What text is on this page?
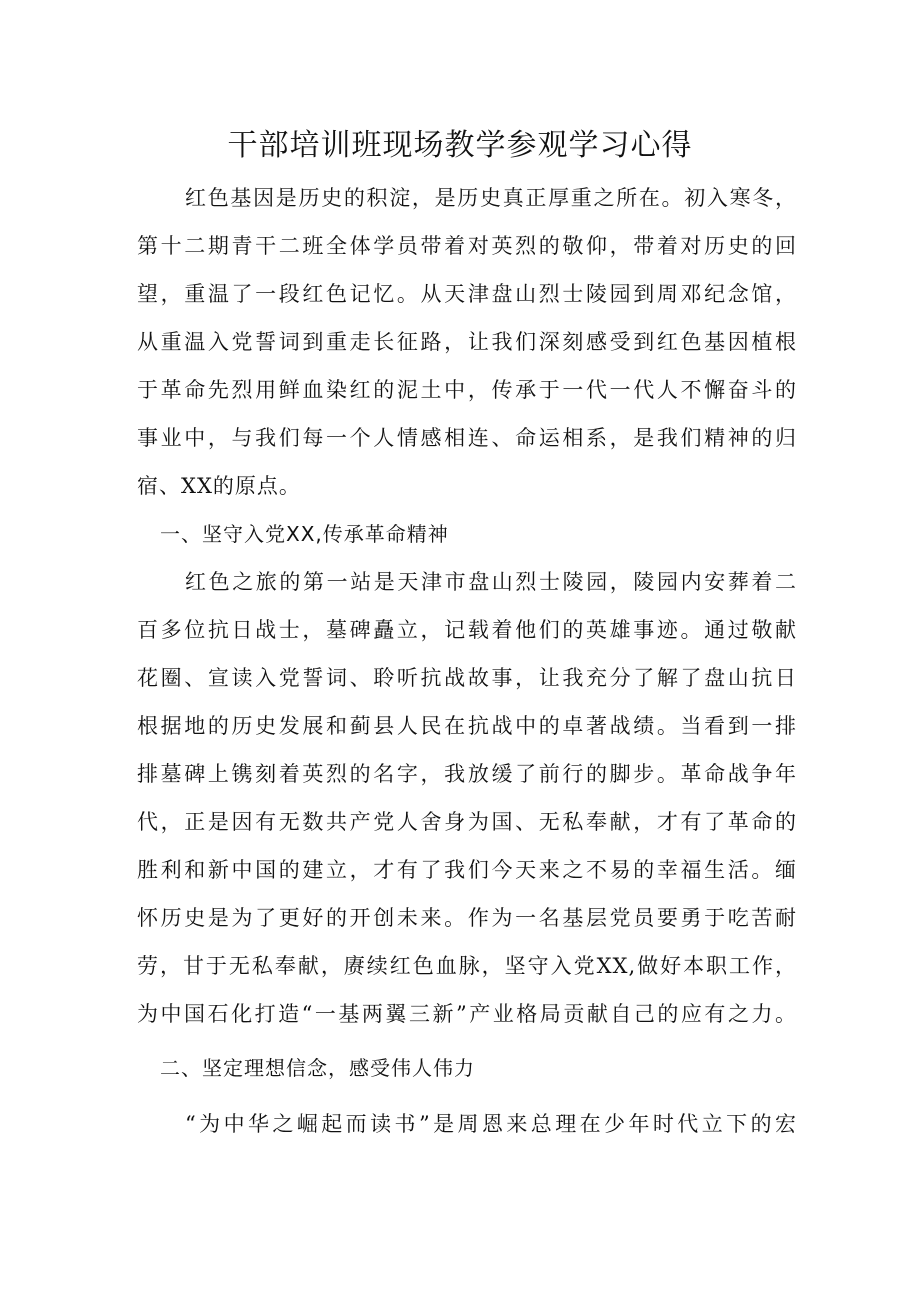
干部培训班现场教学参观学习心得
红色基因是历史的积淀，是历史真正厚重之所在。初入寒冬，
第十二期青干二班全体学员带着对英烈的敬仰，带着对历史的回
望，重温了一段红色记忆。从天津盘山烈士陵园到周邓纪念馆，
从重温入党誓词到重走长征路，让我们深刻感受到红色基因植根
于革命先烈用鲜血染红的泥土中，传承于一代一代人不懈奋斗的
事业中，与我们每一个人情感相连、命运相系，是我们精神的归
宿、XX的原点。
一、坚守入党XX,传承革命精神
红色之旅的第一站是天津市盘山烈士陵园，陵园内安葬着二
百多位抗日战士，墓碑矗立，记载着他们的英雄事迹。通过敬献
花圈、宣读入党誓词、聆听抗战故事，让我充分了解了盘山抗日
根据地的历史发展和蓟县人民在抗战中的卓著战绩。当看到一排
排墓碑上镌刻着英烈的名字，我放缓了前行的脚步。革命战争年
代，正是因有无数共产党人舍身为国、无私奉献，才有了革命的
胜利和新中国的建立，才有了我们今天来之不易的幸福生活。缅
怀历史是为了更好的开创未来。作为一名基层党员要勇于吃苦耐
劳，甘于无私奉献，赓续红色血脉，坚守入党XX,做好本职工作，
为中国石化打造“一基两翼三新”产业格局贡献自己的应有之力。
二、坚定理想信念，感受伟人伟力
“为中华之崛起而读书”是周恩来总理在少年时代立下的宏
